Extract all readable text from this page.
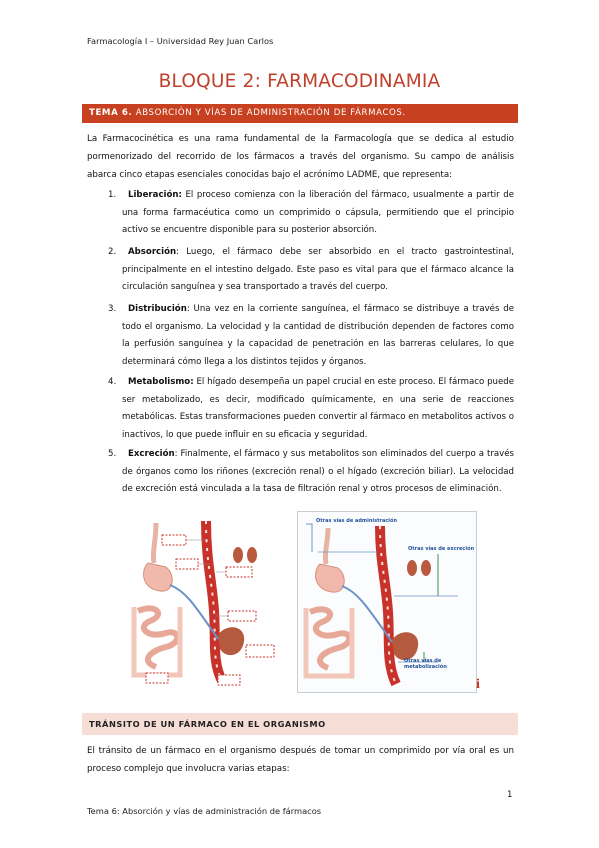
Farmacología I – Universidad Rey Juan Carlos
BLOQUE 2: FARMACODINAMIA
TEMA 6. ABSORCIÓN Y VÍAS DE ADMINISTRACIÓN DE FÁRMACOS.

La Farmacocinética es una rama fundamental de la Farmacología que se dedica al estudio pormenorizado del recorrido de los fármacos a través del organismo. Su campo de análisis abarca cinco etapas esenciales conocidas bajo el acrónimo LADME, que representa:

1. Liberación: El proceso comienza con la liberación del fármaco, usualmente a partir de una forma farmacéutica como un comprimido o cápsula, permitiendo que el principio activo se encuentre disponible para su posterior absorción.
2. Absorción: Luego, el fármaco debe ser absorbido en el tracto gastrointestinal, principalmente en el intestino delgado. Este paso es vital para que el fármaco alcance la circulación sanguínea y sea transportado a través del cuerpo.
3. Distribución: Una vez en la corriente sanguínea, el fármaco se distribuye a través de todo el organismo. La velocidad y la cantidad de distribución dependen de factores como la perfusión sanguínea y la capacidad de penetración en las barreras celulares, lo que determinará cómo llega a los distintos tejidos y órganos.
4. Metabolismo: El hígado desempeña un papel crucial en este proceso. El fármaco puede ser metabolizado, es decir, modificado químicamente, en una serie de reacciones metabólicas. Estas transformaciones pueden convertir al fármaco en metabolitos activos o inactivos, lo que puede influir en su eficacia y seguridad.
5. Excreción: Finalmente, el fármaco y sus metabolitos son eliminados del cuerpo a través de órganos como los riñones (excreción renal) o el hígado (excreción biliar). La velocidad de excreción está vinculada a la tasa de filtración renal y otros procesos de eliminación.
Otras vías de administración
Otras vías de excreción
Otras vías de metabolización
i
TRÁNSITO DE UN FÁRMACO EN EL ORGANISMO

El tránsito de un fármaco en el organismo después de tomar un comprimido por vía oral es un proceso complejo que involucra varias etapas:

1
Tema 6: Absorción y vías de administración de fármacos
